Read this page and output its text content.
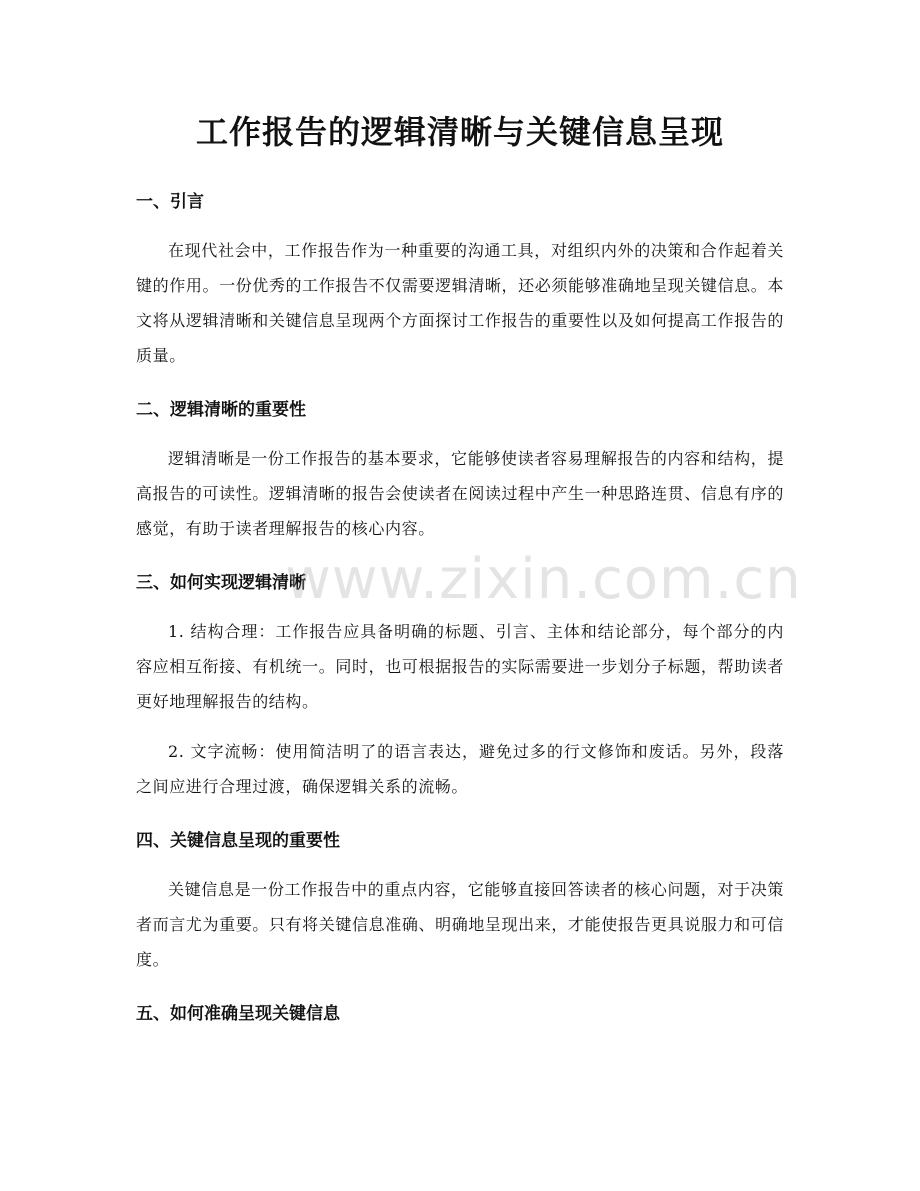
工作报告的逻辑清晰与关键信息呈现
一、引言

在现代社会中，工作报告作为一种重要的沟通工具，对组织内外的决策和合作起着关键的作用。一份优秀的工作报告不仅需要逻辑清晰，还必须能够准确地呈现关键信息。本文将从逻辑清晰和关键信息呈现两个方面探讨工作报告的重要性以及如何提高工作报告的质量。

二、逻辑清晰的重要性

逻辑清晰是一份工作报告的基本要求，它能够使读者容易理解报告的内容和结构，提高报告的可读性。逻辑清晰的报告会使读者在阅读过程中产生一种思路连贯、信息有序的感觉，有助于读者理解报告的核心内容。

三、如何实现逻辑清晰

1. 结构合理：工作报告应具备明确的标题、引言、主体和结论部分，每个部分的内容应相互衔接、有机统一。同时，也可根据报告的实际需要进一步划分子标题，帮助读者更好地理解报告的结构。

2. 文字流畅：使用简洁明了的语言表达，避免过多的行文修饰和废话。另外，段落之间应进行合理过渡，确保逻辑关系的流畅。

四、关键信息呈现的重要性

关键信息是一份工作报告中的重点内容，它能够直接回答读者的核心问题，对于决策者而言尤为重要。只有将关键信息准确、明确地呈现出来，才能使报告更具说服力和可信度。

五、如何准确呈现关键信息
www.zixin.com.cn
